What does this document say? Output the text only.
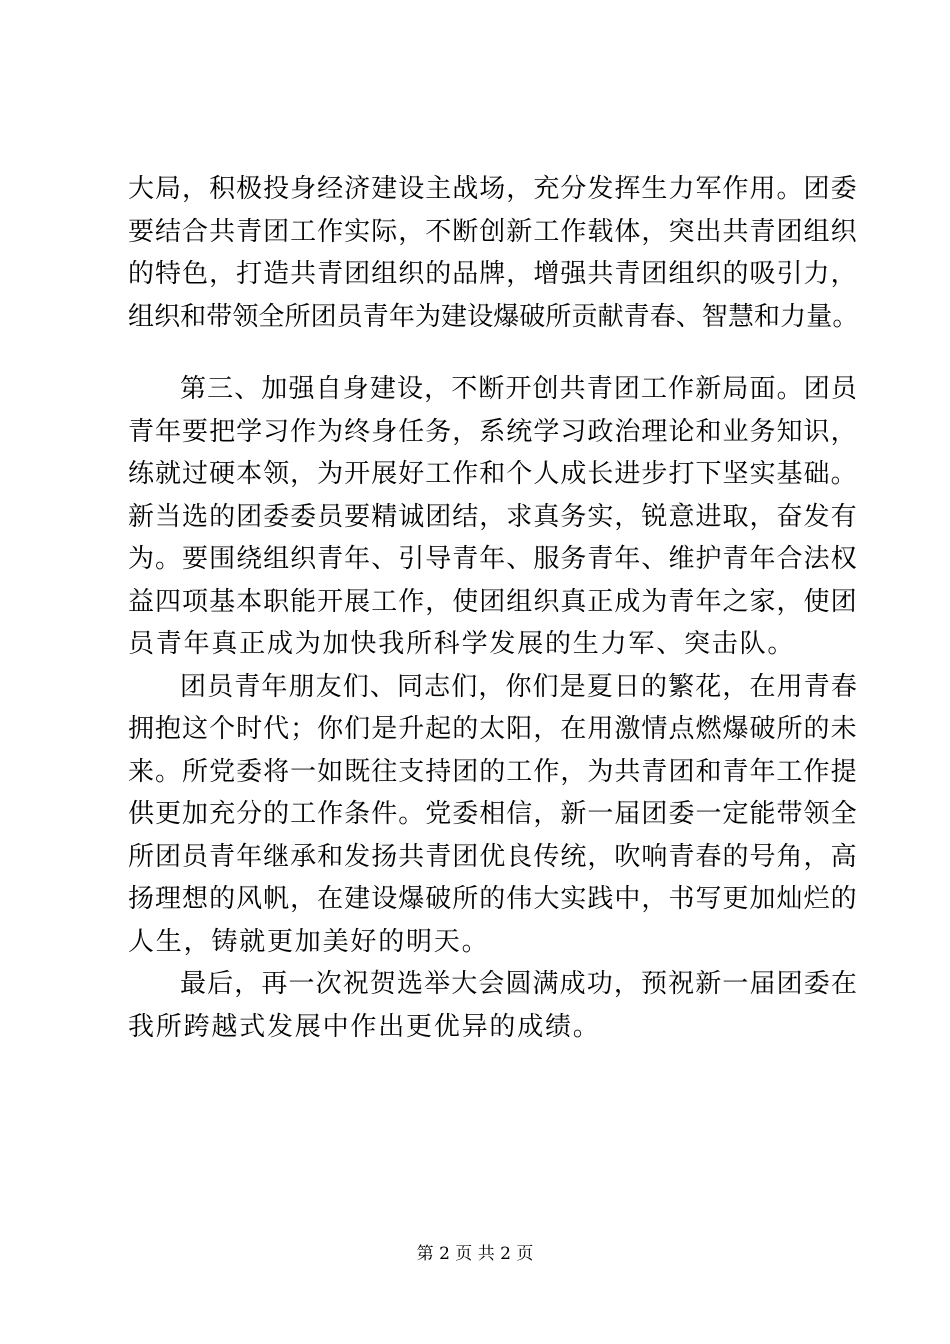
大局，积极投身经济建设主战场，充分发挥生力军作用。团委
要结合共青团工作实际，不断创新工作载体，突出共青团组织
的特色，打造共青团组织的品牌，增强共青团组织的吸引力，
组织和带领全所团员青年为建设爆破所贡献青春、智慧和力量。
第三、加强自身建设，不断开创共青团工作新局面。团员
青年要把学习作为终身任务，系统学习政治理论和业务知识，
练就过硬本领，为开展好工作和个人成长进步打下坚实基础。
新当选的团委委员要精诚团结，求真务实，锐意进取，奋发有
为。要围绕组织青年、引导青年、服务青年、维护青年合法权
益四项基本职能开展工作，使团组织真正成为青年之家，使团
员青年真正成为加快我所科学发展的生力军、突击队。
团员青年朋友们、同志们，你们是夏日的繁花，在用青春
拥抱这个时代；你们是升起的太阳，在用激情点燃爆破所的未
来。所党委将一如既往支持团的工作，为共青团和青年工作提
供更加充分的工作条件。党委相信，新一届团委一定能带领全
所团员青年继承和发扬共青团优良传统，吹响青春的号角，高
扬理想的风帆，在建设爆破所的伟大实践中，书写更加灿烂的
人生，铸就更加美好的明天。
最后，再一次祝贺选举大会圆满成功，预祝新一届团委在
我所跨越式发展中作出更优异的成绩。
第 2 页 共 2 页
